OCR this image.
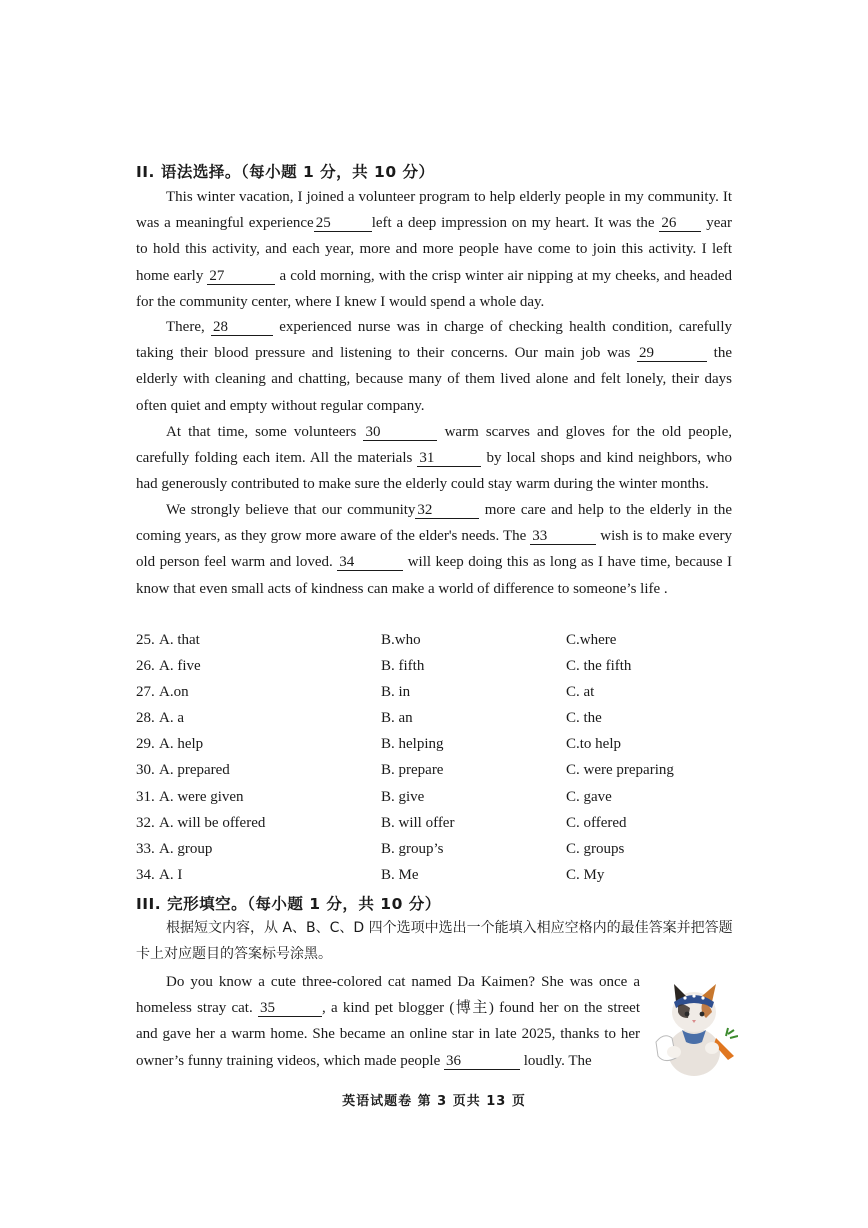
II. 语法选择。（每小题 1 分，共 10 分）

This winter vacation, I joined a volunteer program to help elderly people in my community. It was a meaningful experience 25	left a deep impression on my heart. It was the 26 year to hold this activity, and each year, more and more people have come to join this activity. I left home early 27	a cold morning, with the crisp winter air nipping at my cheeks, and headed for the community center, where I knew I would spend a whole day.

There, 28	experienced nurse was in charge of checking health condition, carefully taking their blood pressure and listening to their concerns. Our main job was 29	the elderly with cleaning and chatting, because many of them lived alone and felt lonely, their days often quiet and empty without regular company.

At that time, some volunteers 30	warm scarves and gloves for the old people, carefully folding each item. All the materials 31	by local shops and kind neighbors, who had generously contributed to make sure the elderly could stay warm during the winter months.

We strongly believe that our community 32	more care and help to the elderly in the coming years, as they grow more aware of the elder's needs. The 33	wish is to make every old person feel warm and loved. 34	will keep doing this as long as I have time, because I know that even small acts of kindness can make a world of difference to someone’s life .

25. A. that	B.who	C.where
26. A. five	B. fifth	C. the fifth
27. A.on	B. in	C. at
28. A. a	B. an	C. the
29. A. help	B. helping	C.to help
30. A. prepared	B. prepare	C. were preparing
31. A. were given	B. give	C. gave
32. A. will be offered	B. will offer	C. offered
33. A. group	B. group’s	C. groups
34. A. I	B. Me	C. My
III. 完形填空。（每小题 1 分，共 10 分）
根据短文内容，从 A、B、C、D 四个选项中选出一个能填入相应空格内的最佳答案并把答题卡上对应题目的答案标号涂黑。

Do you know a cute three-colored cat named Da Kaimen? She was once a homeless stray cat. 35	, a kind pet blogger (博主) found her on the street and gave her a warm home. She became an online star in late 2025, thanks to her owner’s funny training videos, which made people 36	loudly. The

英语试题卷 第 3 页共 13 页
